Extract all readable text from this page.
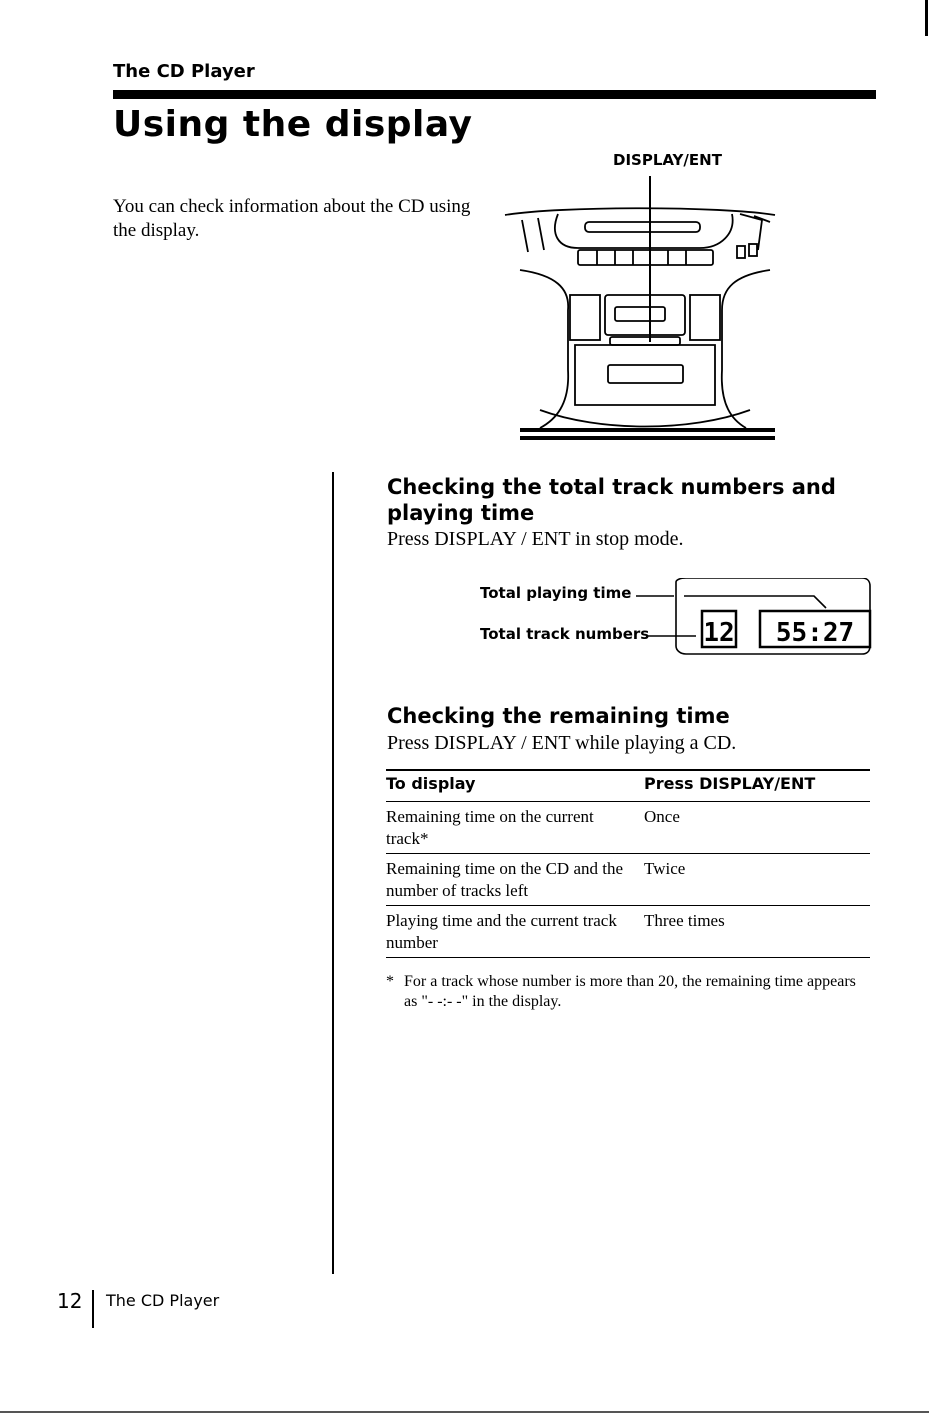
The CD Player
Using the display
You can check information about the CD using the display.
DISPLAY/ENT
Checking the total track numbers and playing time
Press DISPLAY / ENT in stop mode.
Total playing time
Total track numbers 12 55:27
Checking the remaining time
Press DISPLAY / ENT while playing a CD.
To display	Press DISPLAY/ENT
Remaining time on the current track*
Once
Remaining time on the CD and the number of tracks left
Twice
Playing time and the current track number
Three times
* For a track whose number is more than 20, the remaining time appears as "- -:- -" in the display.
12 The CD Player
